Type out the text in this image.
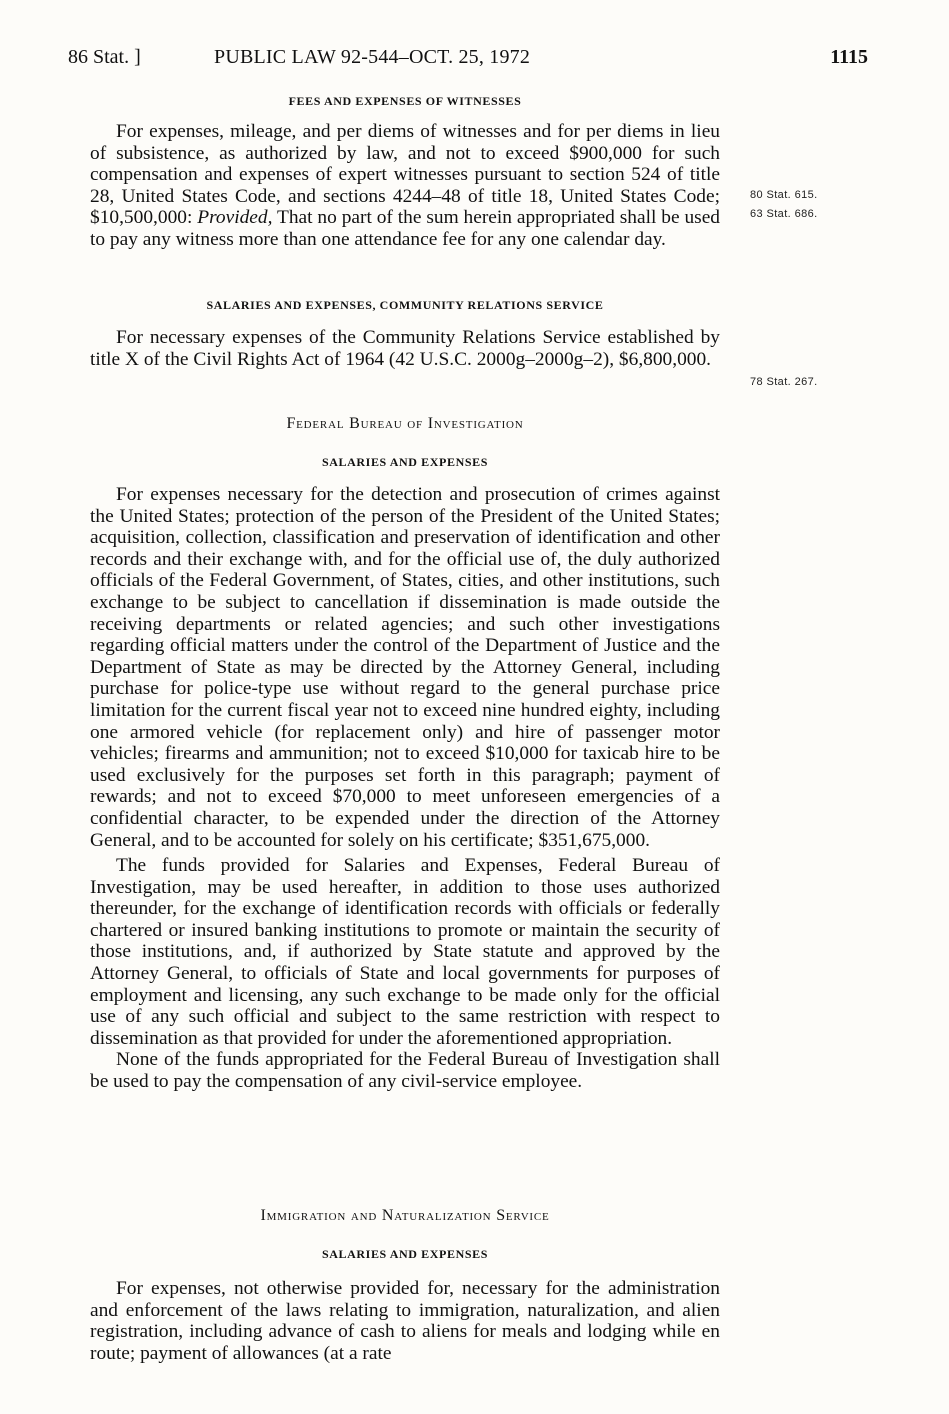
86 Stat. ]	PUBLIC LAW 92-544–OCT. 25, 1972	1115

FEES AND EXPENSES OF WITNESSES

For expenses, mileage, and per diems of witnesses and for per diems in lieu of subsistence, as authorized by law, and not to exceed $900,000 for such compensation and expenses of expert witnesses pursuant to section 524 of title 28, United States Code, and sections 4244–48 of title 18, United States Code; $10,500,000: Provided, That no part of the sum herein appropriated shall be used to pay any witness more than one attendance fee for any one calendar day.

80 Stat. 615.
63 Stat. 686.

SALARIES AND EXPENSES, COMMUNITY RELATIONS SERVICE

For necessary expenses of the Community Relations Service established by title X of the Civil Rights Act of 1964 (42 U.S.C. 2000g–2000g–2), $6,800,000.

78 Stat. 267.

Federal Bureau of Investigation

SALARIES AND EXPENSES

For expenses necessary for the detection and prosecution of crimes against the United States; protection of the person of the President of the United States; acquisition, collection, classification and preservation of identification and other records and their exchange with, and for the official use of, the duly authorized officials of the Federal Government, of States, cities, and other institutions, such exchange to be subject to cancellation if dissemination is made outside the receiving departments or related agencies; and such other investigations regarding official matters under the control of the Department of Justice and the Department of State as may be directed by the Attorney General, including purchase for police-type use without regard to the general purchase price limitation for the current fiscal year not to exceed nine hundred eighty, including one armored vehicle (for replacement only) and hire of passenger motor vehicles; firearms and ammunition; not to exceed $10,000 for taxicab hire to be used exclusively for the purposes set forth in this paragraph; payment of rewards; and not to exceed $70,000 to meet unforeseen emergencies of a confidential character, to be expended under the direction of the Attorney General, and to be accounted for solely on his certificate; $351,675,000.

The funds provided for Salaries and Expenses, Federal Bureau of Investigation, may be used hereafter, in addition to those uses authorized thereunder, for the exchange of identification records with officials or federally chartered or insured banking institutions to promote or maintain the security of those institutions, and, if authorized by State statute and approved by the Attorney General, to officials of State and local governments for purposes of employment and licensing, any such exchange to be made only for the official use of any such official and subject to the same restriction with respect to dissemination as that provided for under the aforementioned appropriation.

None of the funds appropriated for the Federal Bureau of Investigation shall be used to pay the compensation of any civil-service employee.

Immigration and Naturalization Service

SALARIES AND EXPENSES

For expenses, not otherwise provided for, necessary for the administration and enforcement of the laws relating to immigration, naturalization, and alien registration, including advance of cash to aliens for meals and lodging while en route; payment of allowances (at a rate
